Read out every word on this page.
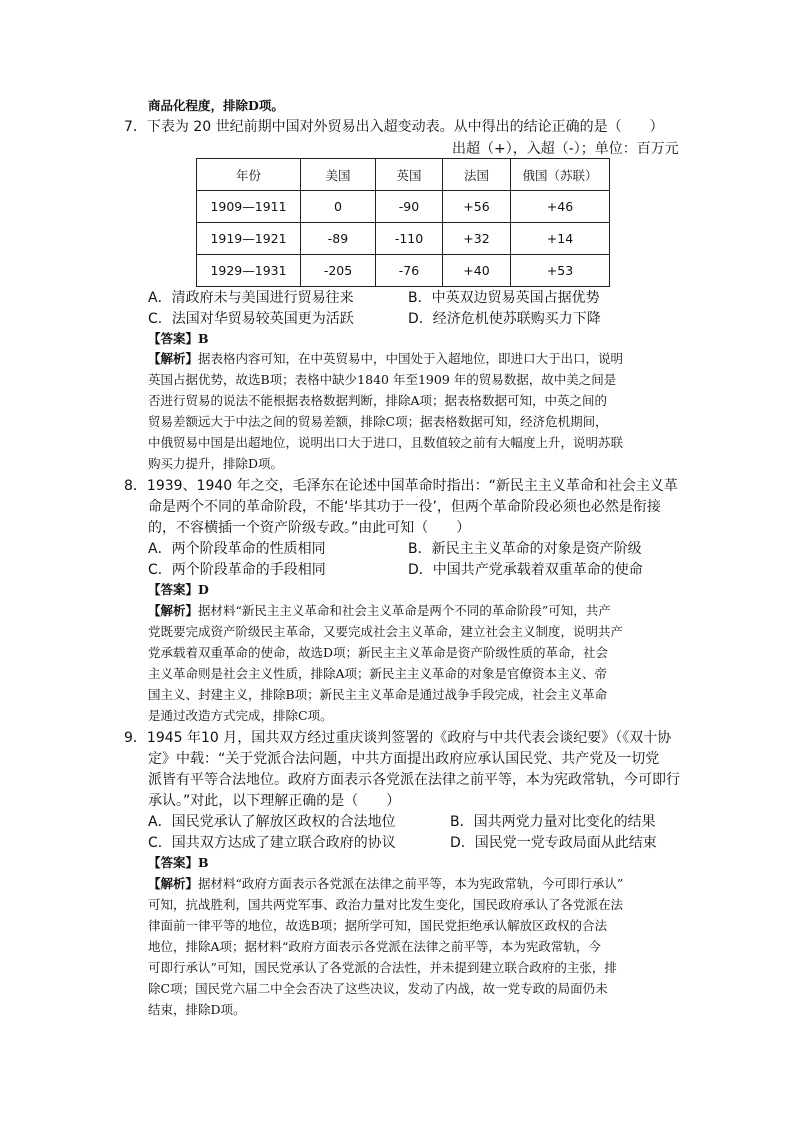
商品化程度，排除D项。
7．下表为 20 世纪前期中国对外贸易出入超变动表。从中得出的结论正确的是（　　）
出超（+），入超（-）；单位：百万元
年份	美国	英国	法国	俄国（苏联）
1909—1911	0	-90	+56	+46
1919—1921	-89	-110	+32	+14
1929—1931	-205	-76	+40	+53
A．清政府未与美国进行贸易往来	B．中英双边贸易英国占据优势
C．法国对华贸易较英国更为活跃	D．经济危机使苏联购买力下降
【答案】B
【解析】据表格内容可知，在中英贸易中，中国处于入超地位，即进口大于出口，说明
英国占据优势，故选B项；表格中缺少1840 年至1909 年的贸易数据，故中美之间是
否进行贸易的说法不能根据表格数据判断，排除A项；据表格数据可知，中英之间的
贸易差额远大于中法之间的贸易差额，排除C项；据表格数据可知，经济危机期间，
中俄贸易中国是出超地位，说明出口大于进口，且数值较之前有大幅度上升，说明苏联
购买力提升，排除D项。
8．1939、1940 年之交，毛泽东在论述中国革命时指出：“新民主主义革命和社会主义革
命是两个不同的革命阶段，不能‘毕其功于一役’，但两个革命阶段必须也必然是衔接
的，不容横插一个资产阶级专政。”由此可知（　　）
A．两个阶段革命的性质相同	B．新民主主义革命的对象是资产阶级
C．两个阶段革命的手段相同	D．中国共产党承载着双重革命的使命
【答案】D
【解析】据材料“新民主主义革命和社会主义革命是两个不同的革命阶段”可知，共产
党既要完成资产阶级民主革命，又要完成社会主义革命，建立社会主义制度，说明共产
党承载着双重革命的使命，故选D项；新民主主义革命是资产阶级性质的革命，社会
主义革命则是社会主义性质，排除A项；新民主主义革命的对象是官僚资本主义、帝
国主义、封建主义，排除B项；新民主主义革命是通过战争手段完成，社会主义革命
是通过改造方式完成，排除C项。
9．1945 年10 月，国共双方经过重庆谈判签署的《政府与中共代表会谈纪要》（《双十协
定》中载：“关于党派合法问题，中共方面提出政府应承认国民党、共产党及一切党
派皆有平等合法地位。政府方面表示各党派在法律之前平等，本为宪政常轨，今可即行
承认。”对此，以下理解正确的是（　　）
A．国民党承认了解放区政权的合法地位	B．国共两党力量对比变化的结果
C．国共双方达成了建立联合政府的协议	D．国民党一党专政局面从此结束
【答案】B
【解析】据材料“政府方面表示各党派在法律之前平等，本为宪政常轨，今可即行承认”
可知，抗战胜利，国共两党军事、政治力量对比发生变化，国民政府承认了各党派在法
律面前一律平等的地位，故选B项；据所学可知，国民党拒绝承认解放区政权的合法
地位，排除A项；据材料“政府方面表示各党派在法律之前平等，本为宪政常轨，今
可即行承认”可知，国民党承认了各党派的合法性，并未提到建立联合政府的主张，排
除C项；国民党六届二中全会否决了这些决议，发动了内战，故一党专政的局面仍未
结束，排除D项。
